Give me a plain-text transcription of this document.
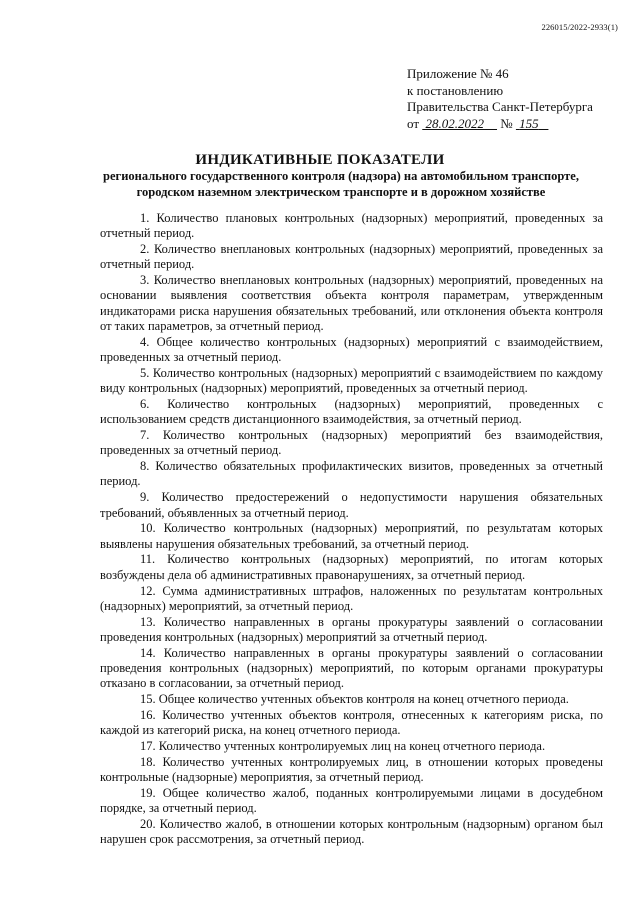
226015/2022-2933(1)
Приложение № 46
к постановлению
Правительства Санкт-Петербурга
от 28.02.2022 № 155
ИНДИКАТИВНЫЕ ПОКАЗАТЕЛИ
регионального государственного контроля (надзора) на автомобильном транспорте, городском наземном электрическом транспорте и в дорожном хозяйстве

1. Количество плановых контрольных (надзорных) мероприятий, проведенных за отчетный период.

2. Количество внеплановых контрольных (надзорных) мероприятий, проведенных за отчетный период.

3. Количество внеплановых контрольных (надзорных) мероприятий, проведенных на основании выявления соответствия объекта контроля параметрам, утвержденным индикаторами риска нарушения обязательных требований, или отклонения объекта контроля от таких параметров, за отчетный период.

4. Общее количество контрольных (надзорных) мероприятий с взаимодействием, проведенных за отчетный период.

5. Количество контрольных (надзорных) мероприятий с взаимодействием по каждому виду контрольных (надзорных) мероприятий, проведенных за отчетный период.

6. Количество контрольных (надзорных) мероприятий, проведенных с использованием средств дистанционного взаимодействия, за отчетный период.

7. Количество контрольных (надзорных) мероприятий без взаимодействия, проведенных за отчетный период.

8. Количество обязательных профилактических визитов, проведенных за отчетный период.

9. Количество предостережений о недопустимости нарушения обязательных требований, объявленных за отчетный период.

10. Количество контрольных (надзорных) мероприятий, по результатам которых выявлены нарушения обязательных требований, за отчетный период.

11. Количество контрольных (надзорных) мероприятий, по итогам которых возбуждены дела об административных правонарушениях, за отчетный период.

12. Сумма административных штрафов, наложенных по результатам контрольных (надзорных) мероприятий, за отчетный период.

13. Количество направленных в органы прокуратуры заявлений о согласовании проведения контрольных (надзорных) мероприятий за отчетный период.

14. Количество направленных в органы прокуратуры заявлений о согласовании проведения контрольных (надзорных) мероприятий, по которым органами прокуратуры отказано в согласовании, за отчетный период.

15. Общее количество учтенных объектов контроля на конец отчетного периода.

16. Количество учтенных объектов контроля, отнесенных к категориям риска, по каждой из категорий риска, на конец отчетного периода.

17. Количество учтенных контролируемых лиц на конец отчетного периода.

18. Количество учтенных контролируемых лиц, в отношении которых проведены контрольные (надзорные) мероприятия, за отчетный период.

19. Общее количество жалоб, поданных контролируемыми лицами в досудебном порядке, за отчетный период.

20. Количество жалоб, в отношении которых контрольным (надзорным) органом был нарушен срок рассмотрения, за отчетный период.
